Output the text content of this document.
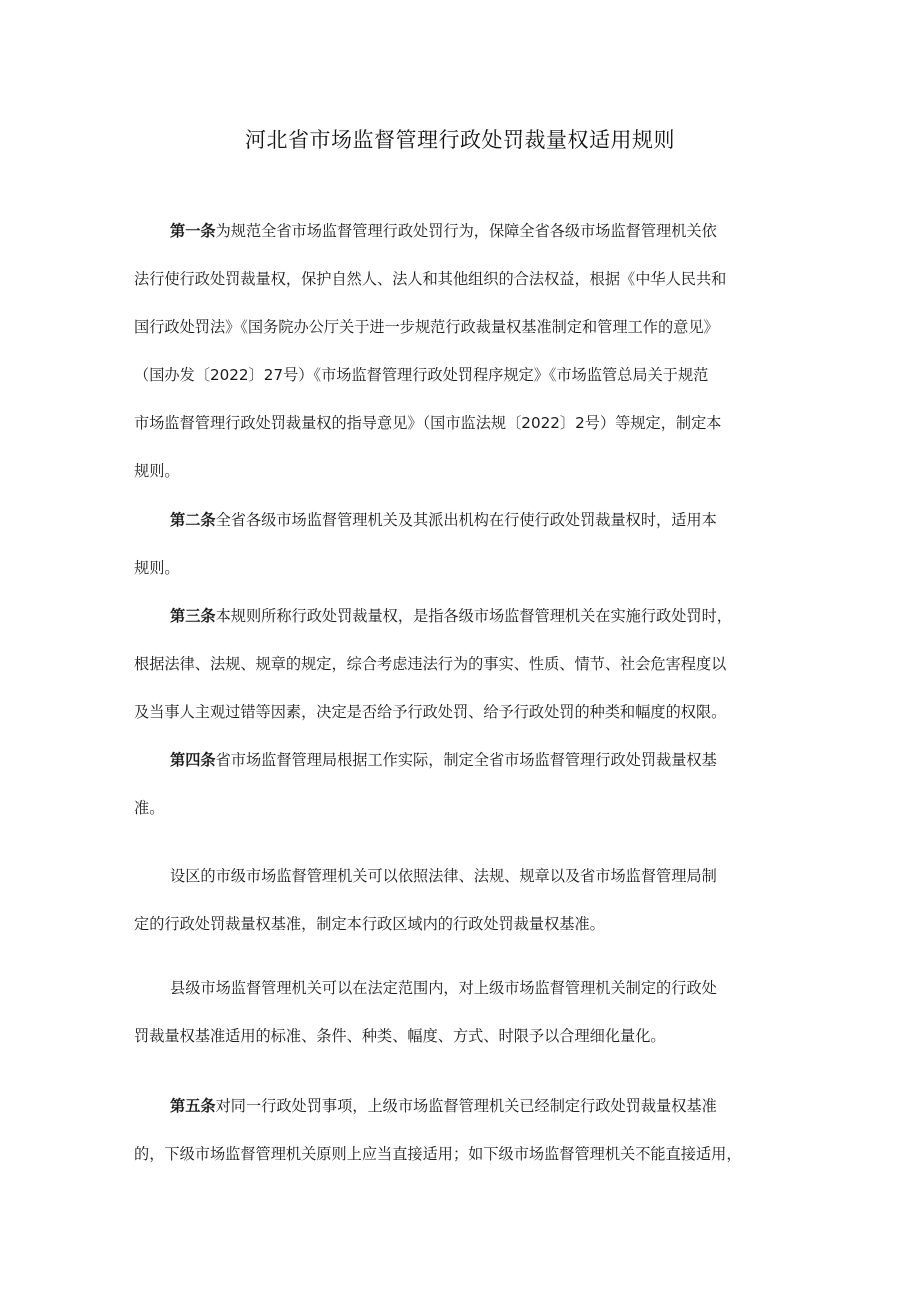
河北省市场监督管理行政处罚裁量权适用规则
第一条为规范全省市场监督管理行政处罚行为，保障全省各级市场监督管理机关依
法行使行政处罚裁量权，保护自然人、法人和其他组织的合法权益，根据《中华人民共和
国行政处罚法》《国务院办公厅关于进一步规范行政裁量权基准制定和管理工作的意见》
（国办发〔2022〕27号）《市场监督管理行政处罚程序规定》《市场监管总局关于规范
市场监督管理行政处罚裁量权的指导意见》（国市监法规〔2022〕2号）等规定，制定本
规则。
第二条全省各级市场监督管理机关及其派出机构在行使行政处罚裁量权时，适用本
规则。
第三条本规则所称行政处罚裁量权，是指各级市场监督管理机关在实施行政处罚时，
根据法律、法规、规章的规定，综合考虑违法行为的事实、性质、情节、社会危害程度以
及当事人主观过错等因素，决定是否给予行政处罚、给予行政处罚的种类和幅度的权限。
第四条省市场监督管理局根据工作实际，制定全省市场监督管理行政处罚裁量权基
准。
设区的市级市场监督管理机关可以依照法律、法规、规章以及省市场监督管理局制
定的行政处罚裁量权基准，制定本行政区域内的行政处罚裁量权基准。
县级市场监督管理机关可以在法定范围内，对上级市场监督管理机关制定的行政处
罚裁量权基准适用的标准、条件、种类、幅度、方式、时限予以合理细化量化。
第五条对同一行政处罚事项，上级市场监督管理机关已经制定行政处罚裁量权基准
的，下级市场监督管理机关原则上应当直接适用；如下级市场监督管理机关不能直接适用，
